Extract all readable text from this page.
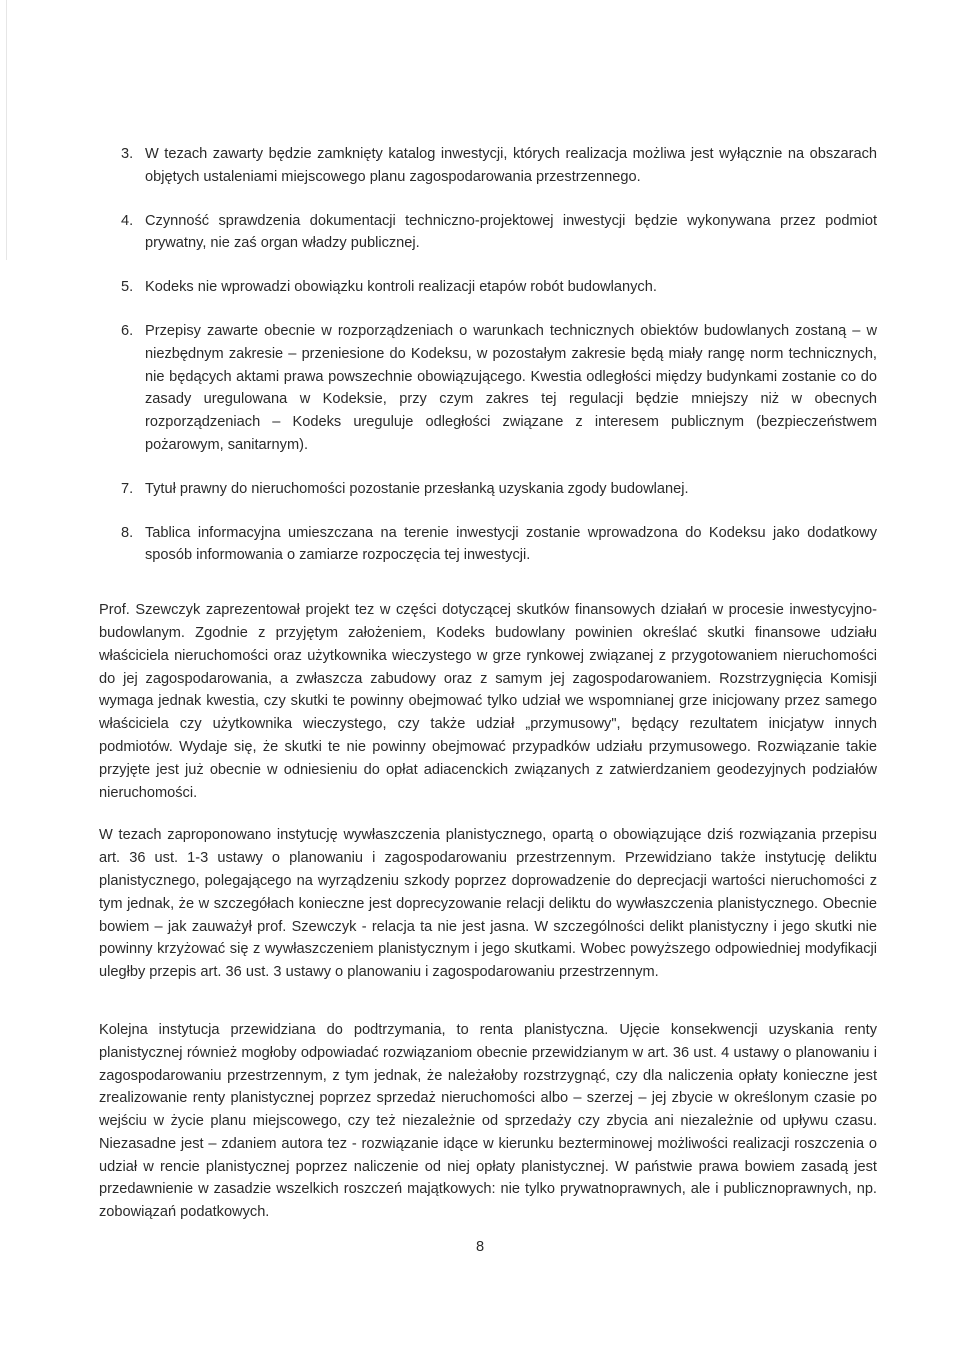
3. W tezach zawarty będzie zamknięty katalog inwestycji, których realizacja możliwa jest wyłącznie na obszarach objętych ustaleniami miejscowego planu zagospodarowania przestrzennego.
4. Czynność sprawdzenia dokumentacji techniczno-projektowej inwestycji będzie wykonywana przez podmiot prywatny, nie zaś organ władzy publicznej.
5. Kodeks nie wprowadzi obowiązku kontroli realizacji etapów robót budowlanych.
6. Przepisy zawarte obecnie w rozporządzeniach o warunkach technicznych obiektów budowlanych zostaną – w niezbędnym zakresie – przeniesione do Kodeksu, w pozostałym zakresie będą miały rangę norm technicznych, nie będących aktami prawa powszechnie obowiązującego. Kwestia odległości między budynkami zostanie co do zasady uregulowana w Kodeksie, przy czym zakres tej regulacji będzie mniejszy niż w obecnych rozporządzeniach – Kodeks ureguluje odległości związane z interesem publicznym (bezpieczeństwem pożarowym, sanitarnym).
7. Tytuł prawny do nieruchomości pozostanie przesłanką uzyskania zgody budowlanej.
8. Tablica informacyjna umieszczana na terenie inwestycji zostanie wprowadzona do Kodeksu jako dodatkowy sposób informowania o zamiarze rozpoczęcia tej inwestycji.

Prof. Szewczyk zaprezentował projekt tez w części dotyczącej skutków finansowych działań w procesie inwestycyjno-budowlanym. Zgodnie z przyjętym założeniem, Kodeks budowlany powinien określać skutki finansowe udziału właściciela nieruchomości oraz użytkownika wieczystego w grze rynkowej związanej z przygotowaniem nieruchomości do jej zagospodarowania, a zwłaszcza zabudowy oraz z samym jej zagospodarowaniem. Rozstrzygnięcia Komisji wymaga jednak kwestia, czy skutki te powinny obejmować tylko udział we wspomnianej grze inicjowany przez samego właściciela czy użytkownika wieczystego, czy także udział „przymusowy", będący rezultatem inicjatyw innych podmiotów. Wydaje się, że skutki te nie powinny obejmować przypadków udziału przymusowego. Rozwiązanie takie przyjęte jest już obecnie w odniesieniu do opłat adiacenckich związanych z zatwierdzaniem geodezyjnych podziałów nieruchomości.

W tezach zaproponowano instytucję wywłaszczenia planistycznego, opartą o obowiązujące dziś rozwiązania przepisu art. 36 ust. 1-3 ustawy o planowaniu i zagospodarowaniu przestrzennym. Przewidziano także instytucję deliktu planistycznego, polegającego na wyrządzeniu szkody poprzez doprowadzenie do deprecjacji wartości nieruchomości z tym jednak, że w szczegółach konieczne jest doprecyzowanie relacji deliktu do wywłaszczenia planistycznego. Obecnie bowiem – jak zauważył prof. Szewczyk - relacja ta nie jest jasna. W szczególności delikt planistyczny i jego skutki nie powinny krzyżować się z wywłaszczeniem planistycznym i jego skutkami. Wobec powyższego odpowiedniej modyfikacji uległby przepis art. 36 ust. 3 ustawy o planowaniu i zagospodarowaniu przestrzennym.

Kolejna instytucja przewidziana do podtrzymania, to renta planistyczna. Ujęcie konsekwencji uzyskania renty planistycznej również mogłoby odpowiadać rozwiązaniom obecnie przewidzianym w art. 36 ust. 4 ustawy o planowaniu i zagospodarowaniu przestrzennym, z tym jednak, że należałoby rozstrzygnąć, czy dla naliczenia opłaty konieczne jest zrealizowanie renty planistycznej poprzez sprzedaż nieruchomości albo – szerzej – jej zbycie w określonym czasie po wejściu w życie planu miejscowego, czy też niezależnie od sprzedaży czy zbycia ani niezależnie od upływu czasu. Niezasadne jest – zdaniem autora tez - rozwiązanie idące w kierunku bezterminowej możliwości realizacji roszczenia o udział w rencie planistycznej poprzez naliczenie od niej opłaty planistycznej. W państwie prawa bowiem zasadą jest przedawnienie w zasadzie wszelkich roszczeń majątkowych: nie tylko prywatnoprawnych, ale i publicznoprawnych, np. zobowiązań podatkowych.

8
